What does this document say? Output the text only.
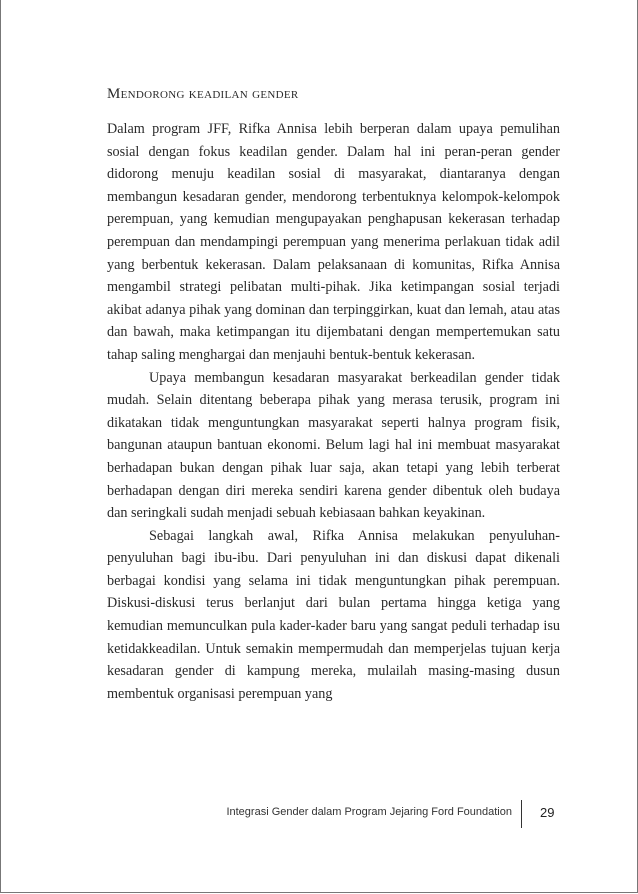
Mendorong keadilan gender

Dalam program JFF, Rifka Annisa lebih berperan dalam upaya pemulihan sosial dengan fokus keadilan gender. Dalam hal ini peran-peran gender didorong menuju keadilan sosial di masyarakat, diantaranya dengan membangun kesadaran gender, mendorong terbentuknya kelompok-kelompok perempuan, yang kemudian mengupayakan penghapusan kekerasan terhadap perempuan dan mendampingi perempuan yang menerima perlakuan tidak adil yang berbentuk kekerasan. Dalam pelaksanaan di komunitas, Rifka Annisa mengambil strategi pelibatan multi-pihak. Jika ketimpangan sosial terjadi akibat adanya pihak yang dominan dan terpinggirkan, kuat dan lemah, atau atas dan bawah, maka ketimpangan itu dijembatani dengan mempertemukan satu tahap saling menghargai dan menjauhi bentuk-bentuk kekerasan.

Upaya membangun kesadaran masyarakat berkeadilan gender tidak mudah. Selain ditentang beberapa pihak yang merasa terusik, program ini dikatakan tidak menguntungkan masyarakat seperti halnya program fisik, bangunan ataupun bantuan ekonomi. Belum lagi hal ini membuat masyarakat berhadapan bukan dengan pihak luar saja, akan tetapi yang lebih terberat berhadapan dengan diri mereka sendiri karena gender dibentuk oleh budaya dan seringkali sudah menjadi sebuah kebiasaan bahkan keyakinan.

Sebagai langkah awal, Rifka Annisa melakukan penyuluhan-penyuluhan bagi ibu-ibu. Dari penyuluhan ini dan diskusi dapat dikenali berbagai kondisi yang selama ini tidak menguntungkan pihak perempuan. Diskusi-diskusi terus berlanjut dari bulan pertama hingga ketiga yang kemudian memunculkan pula kader-kader baru yang sangat peduli terhadap isu ketidakkeadilan. Untuk semakin mempermudah dan memperjelas tujuan kerja kesadaran gender di kampung mereka, mulailah masing-masing dusun membentuk organisasi perempuan yang

Integrasi Gender dalam Program Jejaring Ford Foundation 29
